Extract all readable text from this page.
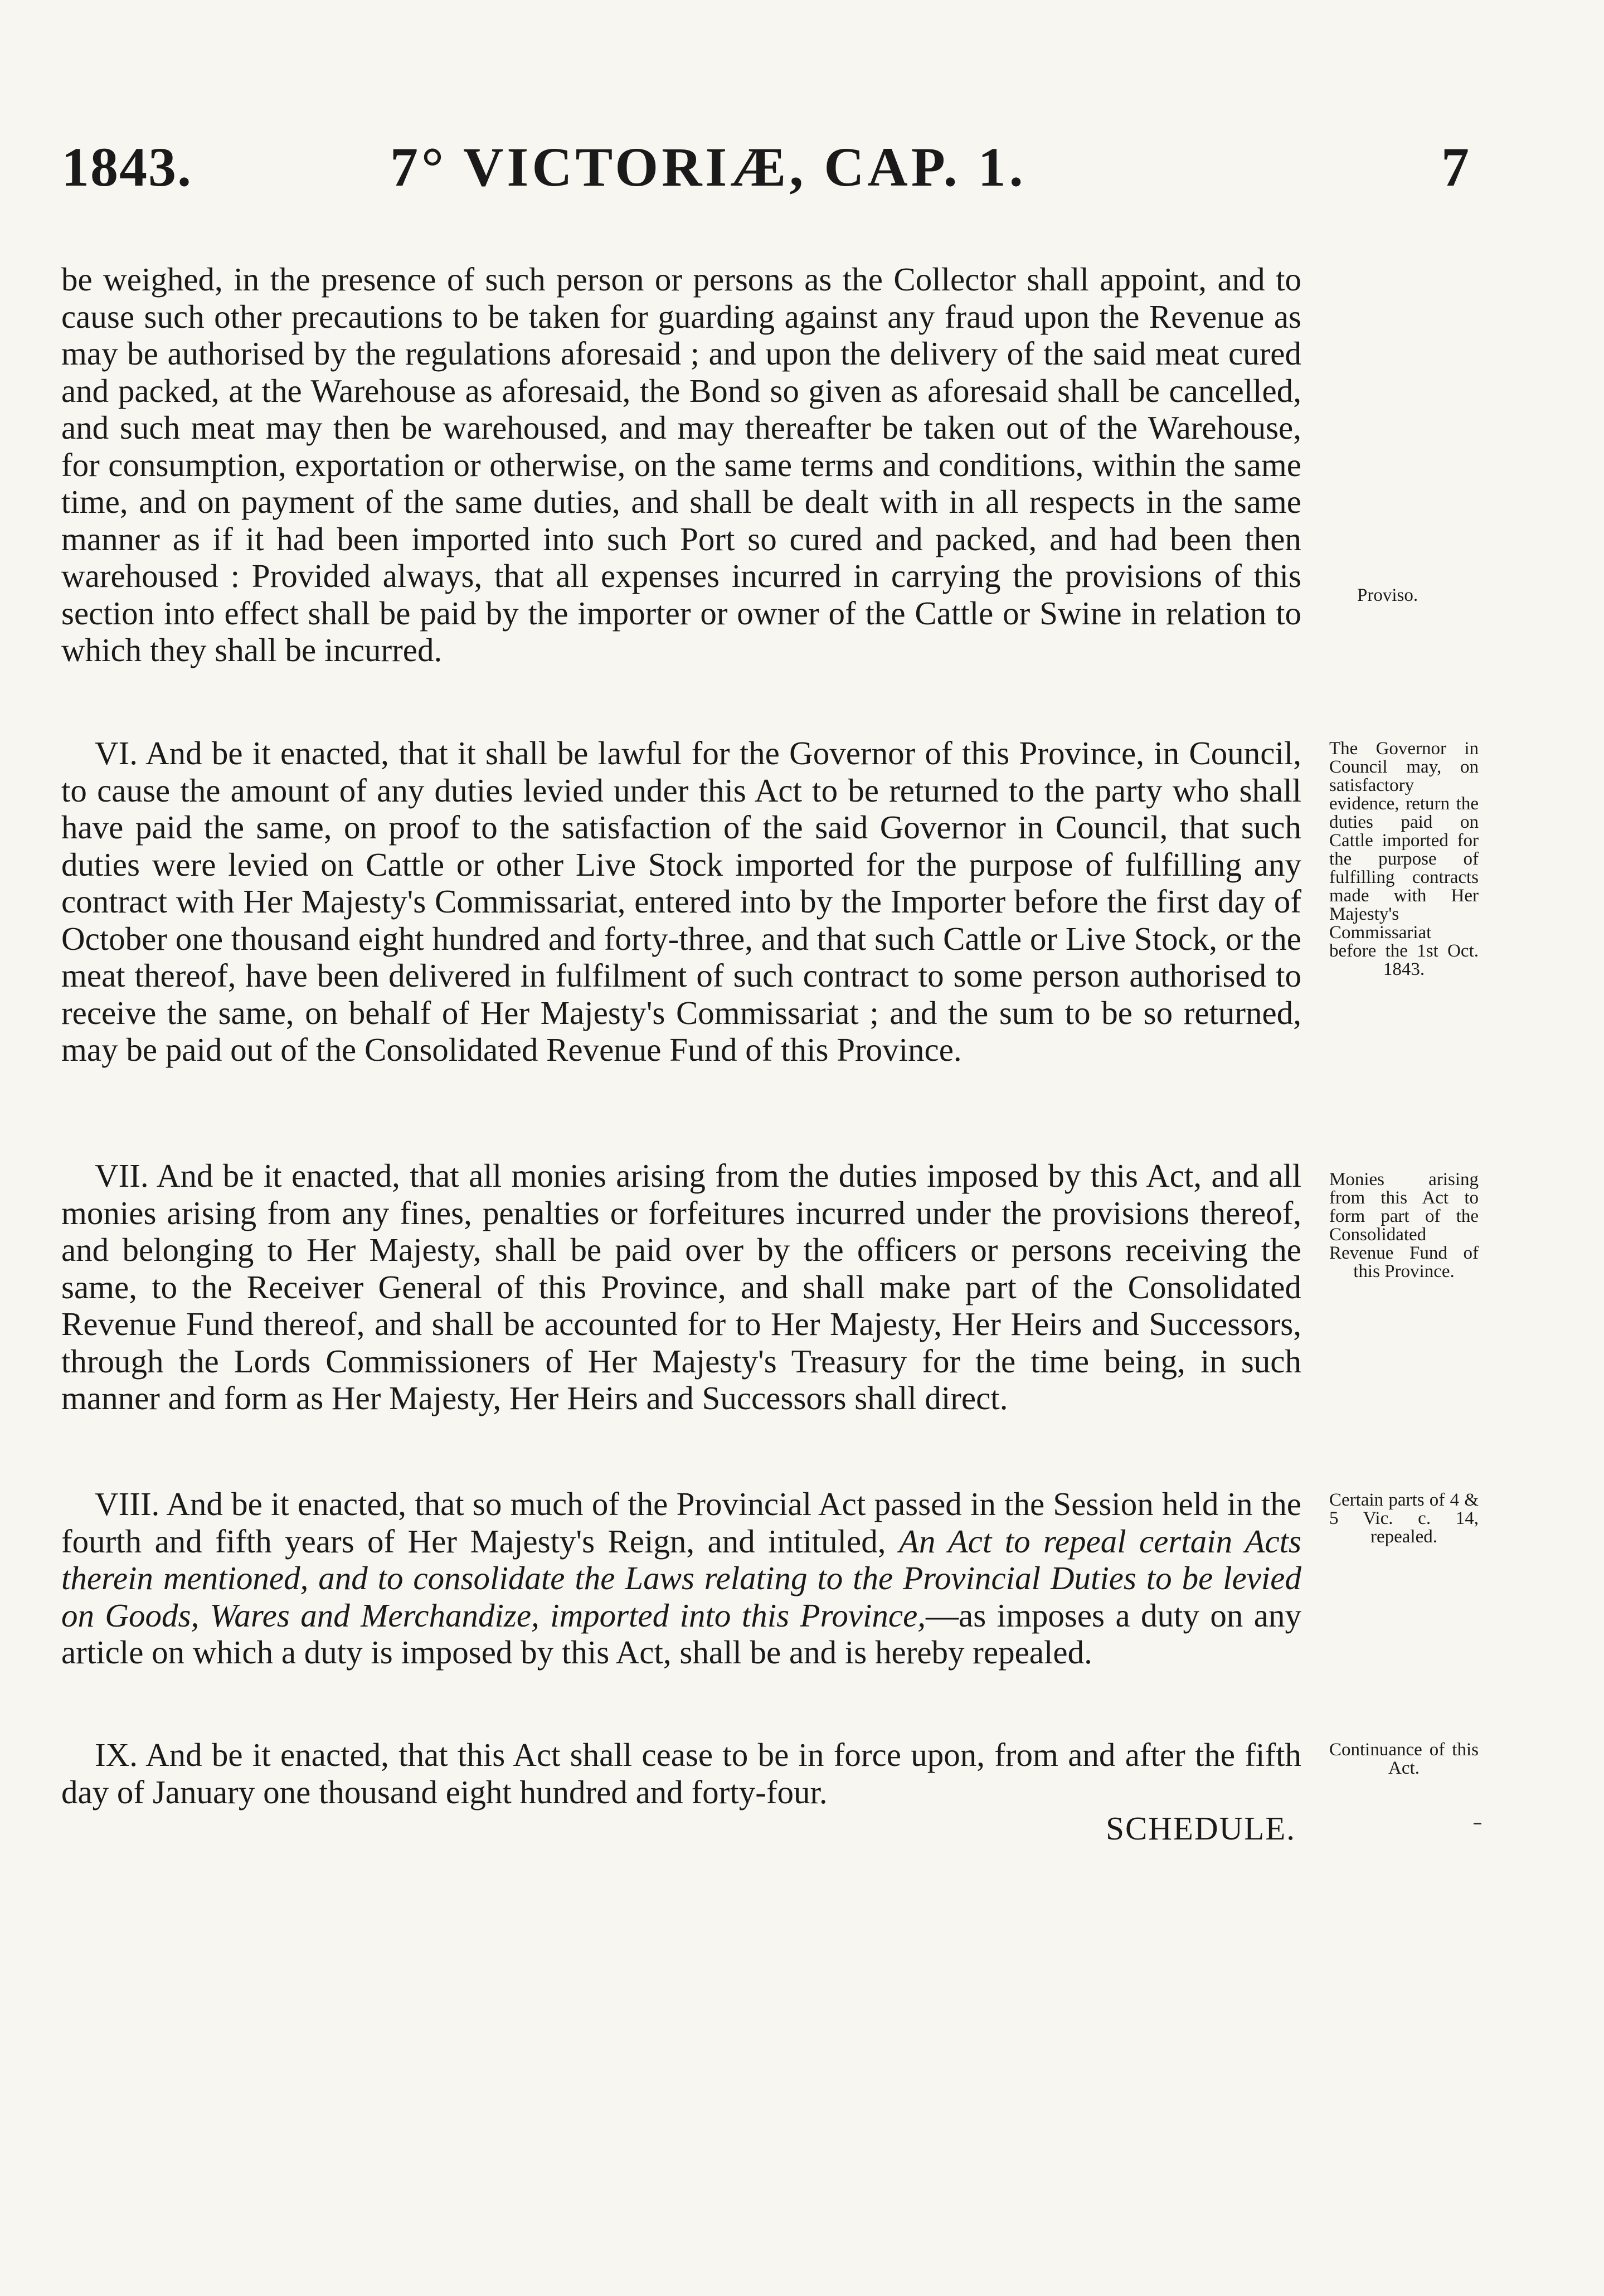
1843.	7° VICTORIÆ, CAP. 1.	7

be weighed, in the presence of such person or persons as the Collector shall appoint, and to cause such other precautions to be taken for guarding against any fraud upon the Revenue as may be authorised by the regulations aforesaid ; and upon the delivery of the said meat cured and packed, at the Warehouse as aforesaid, the Bond so given as aforesaid shall be cancelled, and such meat may then be warehoused, and may thereafter be taken out of the Warehouse, for consumption, exportation or otherwise, on the same terms and conditions, within the same time, and on payment of the same duties, and shall be dealt with in all respects in the same manner as if it had been imported into such Port so cured and packed, and had been then warehoused : Provided always, that all expenses incurred in carrying the provisions of this section into effect shall be paid by the importer or owner of the Cattle or Swine in relation to which they shall be incurred.

VI. And be it enacted, that it shall be lawful for the Governor of this Province, in Council, to cause the amount of any duties levied under this Act to be returned to the party who shall have paid the same, on proof to the satisfaction of the said Governor in Council, that such duties were levied on Cattle or other Live Stock imported for the purpose of fulfilling any contract with Her Majesty's Commissariat, entered into by the Importer before the first day of October one thousand eight hundred and forty-three, and that such Cattle or Live Stock, or the meat thereof, have been delivered in fulfilment of such contract to some person authorised to receive the same, on behalf of Her Majesty's Commissariat ; and the sum to be so returned, may be paid out of the Consolidated Revenue Fund of this Province.

VII. And be it enacted, that all monies arising from the duties imposed by this Act, and all monies arising from any fines, penalties or forfeitures incurred under the provisions thereof, and belonging to Her Majesty, shall be paid over by the officers or persons receiving the same, to the Receiver General of this Province, and shall make part of the Consolidated Revenue Fund thereof, and shall be accounted for to Her Majesty, Her Heirs and Successors, through the Lords Commissioners of Her Majesty's Treasury for the time being, in such manner and form as Her Majesty, Her Heirs and Successors shall direct.

VIII. And be it enacted, that so much of the Provincial Act passed in the Session held in the fourth and fifth years of Her Majesty's Reign, and intituled, An Act to repeal certain Acts therein mentioned, and to consolidate the Laws relating to the Provincial Duties to be levied on Goods, Wares and Merchandize, imported into this Province,—as imposes a duty on any article on which a duty is imposed by this Act, shall be and is hereby repealed.

IX. And be it enacted, that this Act shall cease to be in force upon, from and after the fifth day of January one thousand eight hundred and forty-four.

SCHEDULE.
Proviso.
The Governor in Council may, on satisfactory evidence, return the duties paid on Cattle imported for the purpose of fulfilling contracts made with Her Majesty's Commissariat before the 1st Oct. 1843.
Monies arising from this Act to form part of the Consolidated Revenue Fund of this Province.
Certain parts of 4 & 5 Vic. c. 14, repealed.
Continuance of this Act.
